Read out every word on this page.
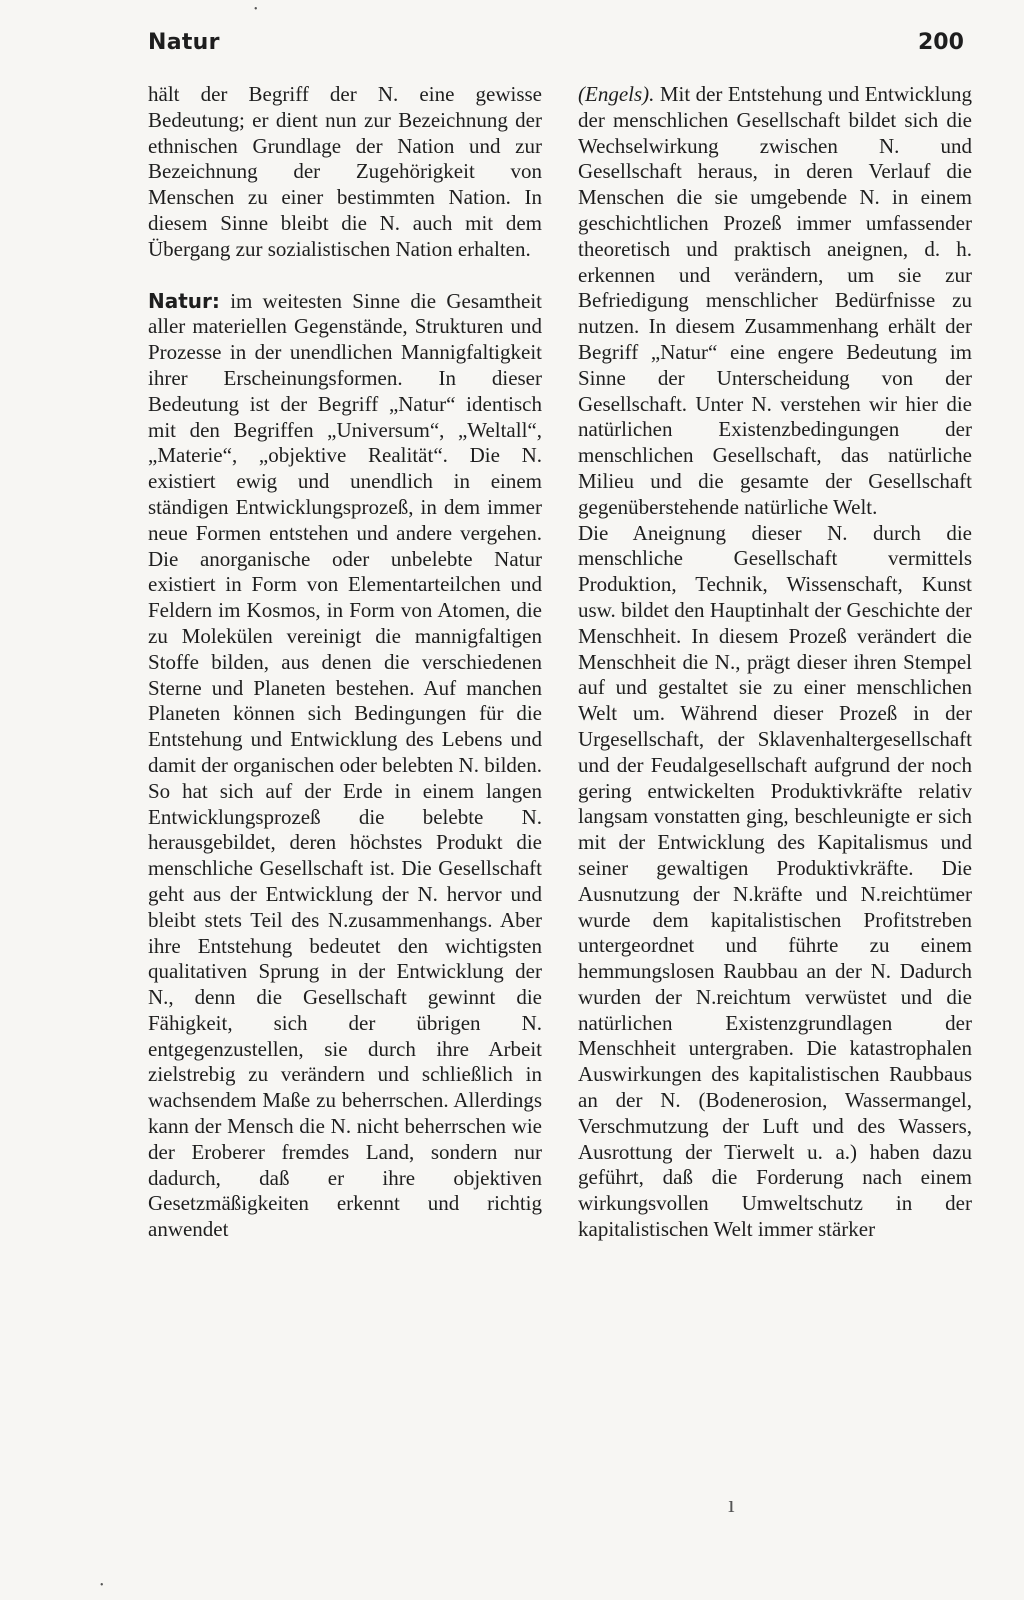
Natur	200

hält der Begriff der N. eine gewisse Bedeutung; er dient nun zur Bezeichnung der ethnischen Grundlage der Nation und zur Bezeichnung der Zugehörigkeit von Menschen zu einer bestimmten Nation. In diesem Sinne bleibt die N. auch mit dem Übergang zur sozialistischen Nation erhalten.

Natur: im weitesten Sinne die Gesamtheit aller materiellen Gegenstände, Strukturen und Prozesse in der unendlichen Mannigfaltigkeit ihrer Erscheinungsformen. In dieser Bedeutung ist der Begriff „Natur“ identisch mit den Begriffen „Universum“, „Weltall“, „Materie“, „objektive Realität“. Die N. existiert ewig und unendlich in einem ständigen Entwicklungsprozeß, in dem immer neue Formen entstehen und andere vergehen. Die anorganische oder unbelebte Natur existiert in Form von Elementarteilchen und Feldern im Kosmos, in Form von Atomen, die zu Molekülen vereinigt die mannigfaltigen Stoffe bilden, aus denen die verschiedenen Sterne und Planeten bestehen. Auf manchen Planeten können sich Bedingungen für die Entstehung und Entwicklung des Lebens und damit der organischen oder belebten N. bilden. So hat sich auf der Erde in einem langen Entwicklungsprozeß die belebte N. herausgebildet, deren höchstes Produkt die menschliche Gesellschaft ist. Die Gesellschaft geht aus der Entwicklung der N. hervor und bleibt stets Teil des N.zusammenhangs. Aber ihre Entstehung bedeutet den wichtigsten qualitativen Sprung in der Entwicklung der N., denn die Gesellschaft gewinnt die Fähigkeit, sich der übrigen N. entgegenzustellen, sie durch ihre Arbeit zielstrebig zu verändern und schließlich in wachsendem Maße zu beherrschen. Allerdings kann der Mensch die N. nicht beherrschen wie der Eroberer fremdes Land, sondern nur dadurch, daß er ihre objektiven Gesetzmäßigkeiten erkennt und richtig anwendet

(Engels). Mit der Entstehung und Entwicklung der menschlichen Gesellschaft bildet sich die Wechselwirkung zwischen N. und Gesellschaft heraus, in deren Verlauf die Menschen die sie umgebende N. in einem geschichtlichen Prozeß immer umfassender theoretisch und praktisch aneignen, d. h. erkennen und verändern, um sie zur Befriedigung menschlicher Bedürfnisse zu nutzen. In diesem Zusammenhang erhält der Begriff „Natur“ eine engere Bedeutung im Sinne der Unterscheidung von der Gesellschaft. Unter N. verstehen wir hier die natürlichen Existenzbedingungen der menschlichen Gesellschaft, das natürliche Milieu und die gesamte der Gesellschaft gegenüberstehende natürliche Welt.

Die Aneignung dieser N. durch die menschliche Gesellschaft vermittels Produktion, Technik, Wissenschaft, Kunst usw. bildet den Hauptinhalt der Geschichte der Menschheit. In diesem Prozeß verändert die Menschheit die N., prägt dieser ihren Stempel auf und gestaltet sie zu einer menschlichen Welt um. Während dieser Prozeß in der Urgesellschaft, der Sklavenhaltergesellschaft und der Feudalgesellschaft aufgrund der noch gering entwickelten Produktivkräfte relativ langsam vonstatten ging, beschleunigte er sich mit der Entwicklung des Kapitalismus und seiner gewaltigen Produktivkräfte. Die Ausnutzung der N.kräfte und N.reichtümer wurde dem kapitalistischen Profitstreben untergeordnet und führte zu einem hemmungslosen Raubbau an der N. Dadurch wurden der N.reichtum verwüstet und die natürlichen Existenzgrundlagen der Menschheit untergraben. Die katastrophalen Auswirkungen des kapitalistischen Raubbaus an der N. (Bodenerosion, Wassermangel, Verschmutzung der Luft und des Wassers, Ausrottung der Tierwelt u. a.) haben dazu geführt, daß die Forderung nach einem wirkungsvollen Umweltschutz in der kapitalistischen Welt immer stärker

•
ı
•
